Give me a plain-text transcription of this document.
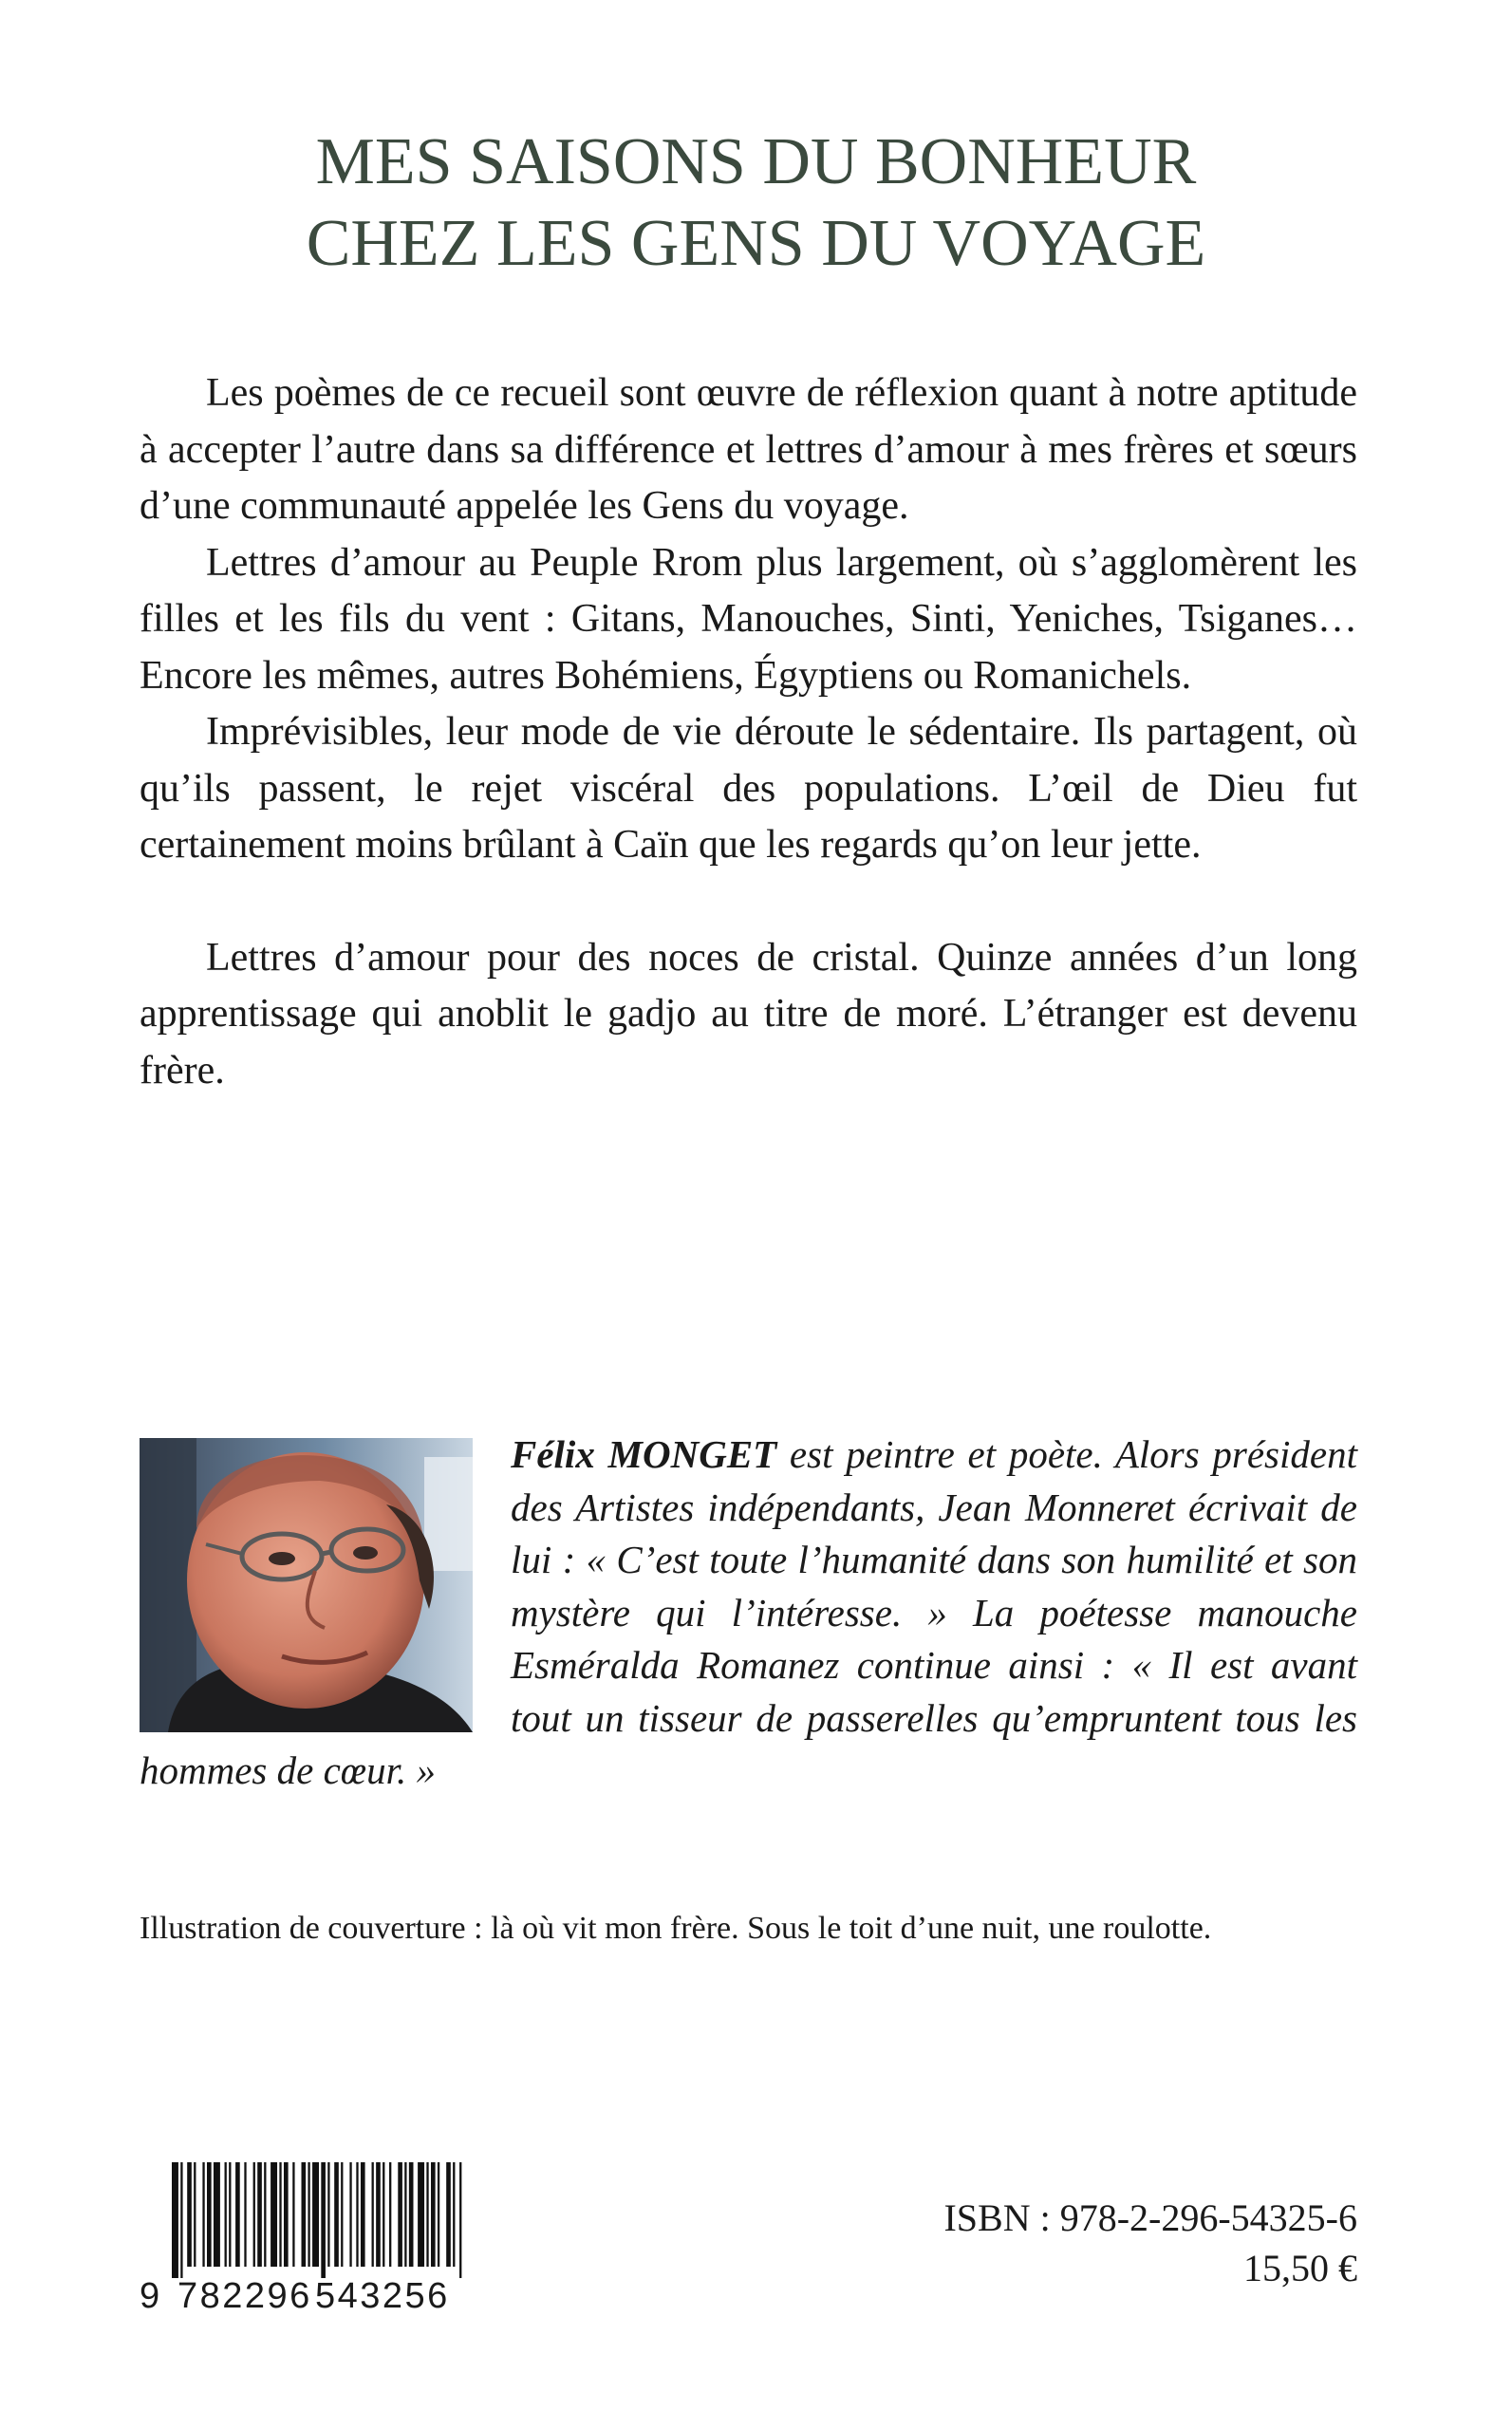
MES SAISONS DU BONHEUR
CHEZ LES GENS DU VOYAGE

Les poèmes de ce recueil sont œuvre de réflexion quant à notre aptitude à accepter l’autre dans sa différence et lettres d’amour à mes frères et sœurs d’une communauté appelée les Gens du voyage.

Lettres d’amour au Peuple Rrom plus largement, où s’agglomèrent les filles et les fils du vent : Gitans, Manouches, Sinti, Yeniches, Tsiganes… Encore les mêmes, autres Bohémiens, Égyptiens ou Romanichels.

Imprévisibles, leur mode de vie déroute le sédentaire. Ils partagent, où qu’ils passent, le rejet viscéral des populations. L’œil de Dieu fut certainement moins brûlant à Caïn que les regards qu’on leur jette.

Lettres d’amour pour des noces de cristal. Quinze années d’un long apprentissage qui anoblit le gadjo au titre de moré. L’étranger est devenu frère.

Félix MONGET est peintre et poète. Alors président des Artistes indépendants, Jean Monneret écrivait de lui : « C’est toute l’humanité dans son humilité et son mystère qui l’intéresse. » La poétesse manouche Esméralda Romanez continue ainsi : « Il est avant tout un tisseur de passerelles qu’empruntent tous les hommes de cœur. »
Illustration de couverture : là où vit mon frère. Sous le toit d’une nuit, une roulotte.
9 782296 543256
ISBN : 978-2-296-54325-6
15,50 €
